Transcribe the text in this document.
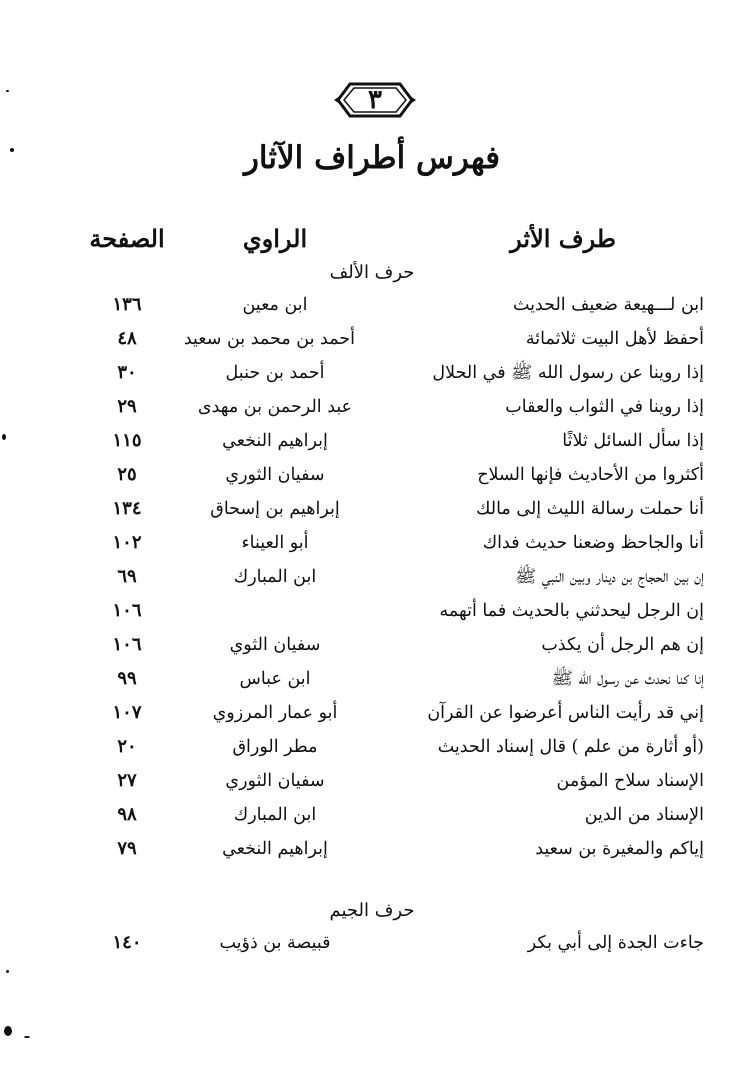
٣
فهرس أطراف الآثار
طرف الأثر
الراوي
الصفحة
حرف الألف
ابن لـــهيعة ضعيف الحديث
ابن معين
١٣٦
أحفظ لأهل البيت ثلاثمائة
أحمد بن محمد بن سعيد
٤٨
إذا روينا عن رسول الله ﷺ في الحلال
أحمد بن حنبل
٣٠
إذا روينا في الثواب والعقاب
عبد الرحمن بن مهدى
٢٩
إذا سأل السائل ثلاثًا
إبراهيم النخعي
١١٥
أكثروا من الأحاديث فإنها السلاح
سفيان الثوري
٢٥
أنا حملت رسالة الليث إلى مالك
إبراهيم بن إسحاق
١٣٤
أنا والجاحظ وضعنا حديث فداك
أبو العيناء
١٠٢
إن بين الحجاج بن دينار وبين النبي ﷺ
ابن المبارك
٦٩
إن الرجل ليحدثني بالحديث فما أتهمه
١٠٦
إن هم الرجل أن يكذب
سفيان الثوي
١٠٦
إنا كنا نحدث عن رسول الله ﷺ
ابن عباس
٩٩
إني قد رأيت الناس أعرضوا عن القرآن
أبو عمار المرزوي
١٠٧
(أو أثارة من علم ) قال إسناد الحديث
مطر الوراق
٢٠
الإسناد سلاح المؤمن
سفيان الثوري
٢٧
الإسناد من الدين
ابن المبارك
٩٨
إياكم والمغيرة بن سعيد
إبراهيم النخعي
٧٩
حرف الجيم
جاءت الجدة إلى أبي بكر
قبيصة بن ذؤيب
١٤٠
